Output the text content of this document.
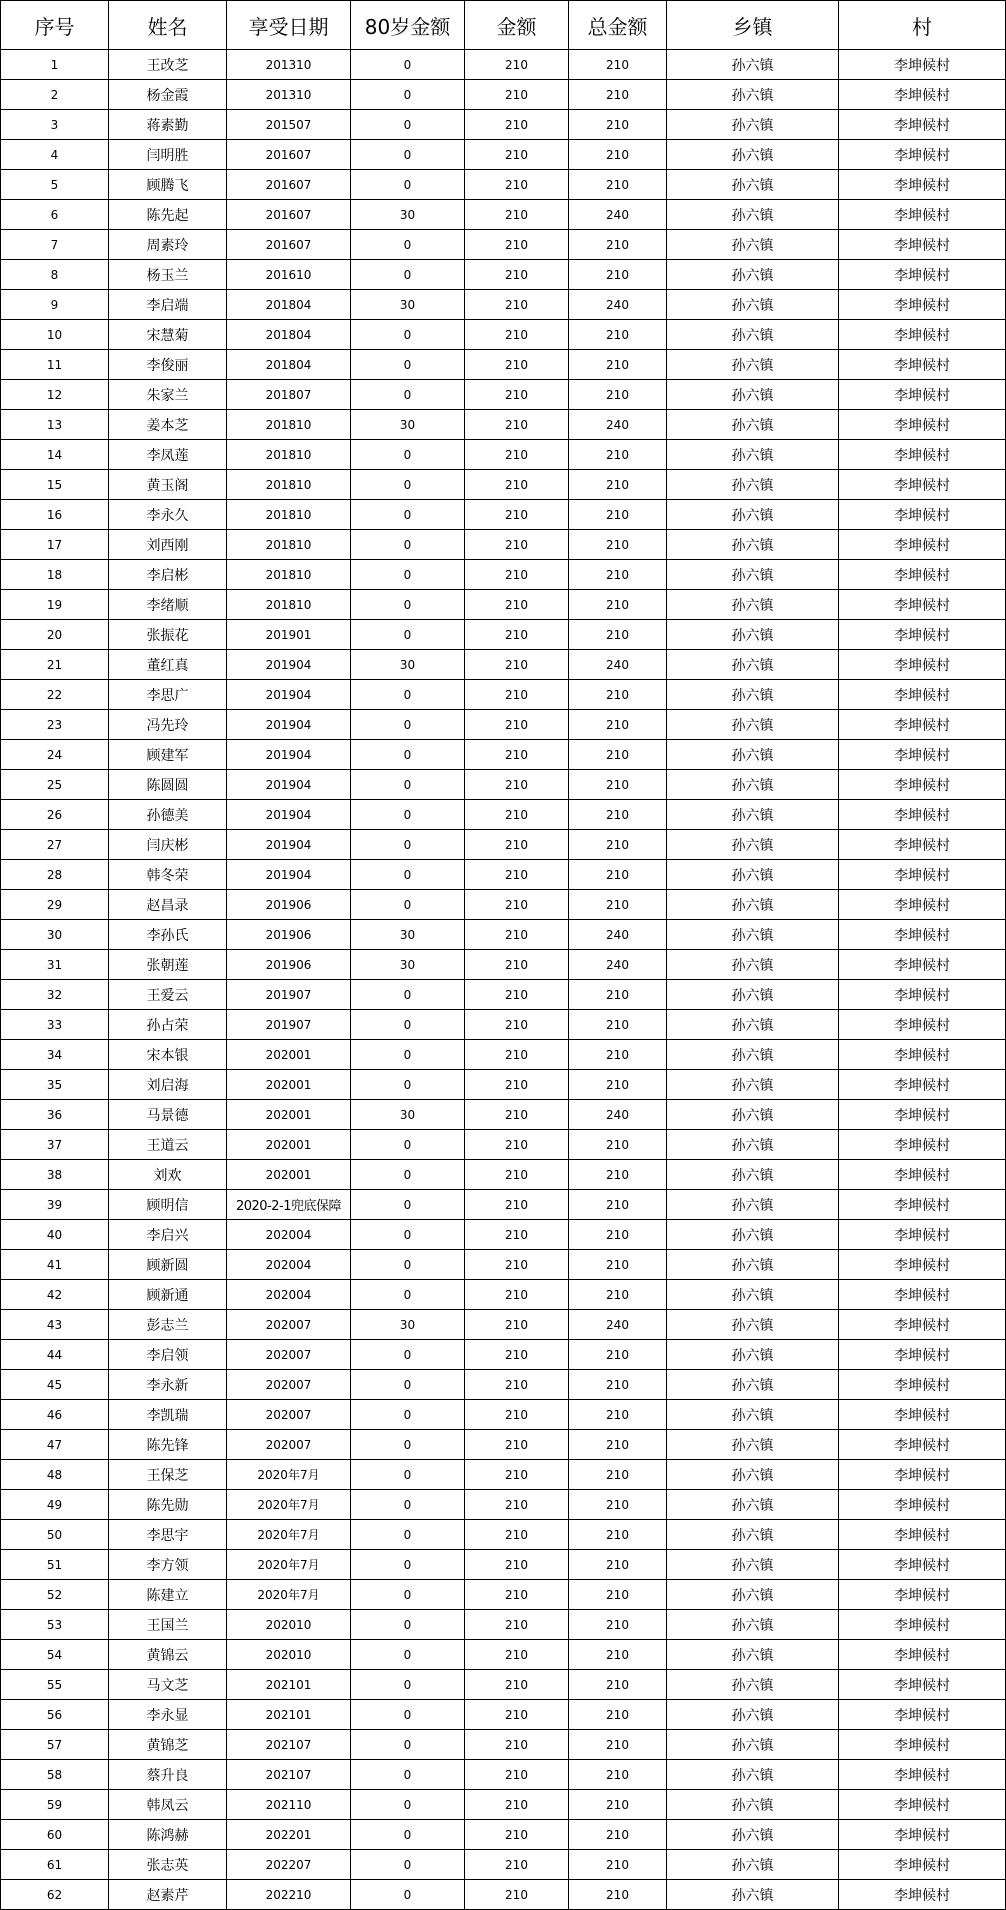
序号	姓名	享受日期	80岁金额	金额	总金额	乡镇	村
1	王改芝	201310	0	210	210	孙六镇	李坤候村
2	杨金霞	201310	0	210	210	孙六镇	李坤候村
3	蒋素勤	201507	0	210	210	孙六镇	李坤候村
4	闫明胜	201607	0	210	210	孙六镇	李坤候村
5	顾腾飞	201607	0	210	210	孙六镇	李坤候村
6	陈先起	201607	30	210	240	孙六镇	李坤候村
7	周素玲	201607	0	210	210	孙六镇	李坤候村
8	杨玉兰	201610	0	210	210	孙六镇	李坤候村
9	李启端	201804	30	210	240	孙六镇	李坤候村
10	宋慧菊	201804	0	210	210	孙六镇	李坤候村
11	李俊丽	201804	0	210	210	孙六镇	李坤候村
12	朱家兰	201807	0	210	210	孙六镇	李坤候村
13	姜本芝	201810	30	210	240	孙六镇	李坤候村
14	李凤莲	201810	0	210	210	孙六镇	李坤候村
15	黄玉阁	201810	0	210	210	孙六镇	李坤候村
16	李永久	201810	0	210	210	孙六镇	李坤候村
17	刘西刚	201810	0	210	210	孙六镇	李坤候村
18	李启彬	201810	0	210	210	孙六镇	李坤候村
19	李绪顺	201810	0	210	210	孙六镇	李坤候村
20	张振花	201901	0	210	210	孙六镇	李坤候村
21	董红真	201904	30	210	240	孙六镇	李坤候村
22	李思广	201904	0	210	210	孙六镇	李坤候村
23	冯先玲	201904	0	210	210	孙六镇	李坤候村
24	顾建军	201904	0	210	210	孙六镇	李坤候村
25	陈圆圆	201904	0	210	210	孙六镇	李坤候村
26	孙德美	201904	0	210	210	孙六镇	李坤候村
27	闫庆彬	201904	0	210	210	孙六镇	李坤候村
28	韩冬荣	201904	0	210	210	孙六镇	李坤候村
29	赵昌录	201906	0	210	210	孙六镇	李坤候村
30	李孙氏	201906	30	210	240	孙六镇	李坤候村
31	张朝莲	201906	30	210	240	孙六镇	李坤候村
32	王爱云	201907	0	210	210	孙六镇	李坤候村
33	孙占荣	201907	0	210	210	孙六镇	李坤候村
34	宋本银	202001	0	210	210	孙六镇	李坤候村
35	刘启海	202001	0	210	210	孙六镇	李坤候村
36	马景德	202001	30	210	240	孙六镇	李坤候村
37	王道云	202001	0	210	210	孙六镇	李坤候村
38	刘欢	202001	0	210	210	孙六镇	李坤候村
39	顾明信	2020-2-1兜底保障	0	210	210	孙六镇	李坤候村
40	李启兴	202004	0	210	210	孙六镇	李坤候村
41	顾新圆	202004	0	210	210	孙六镇	李坤候村
42	顾新通	202004	0	210	210	孙六镇	李坤候村
43	彭志兰	202007	30	210	240	孙六镇	李坤候村
44	李启领	202007	0	210	210	孙六镇	李坤候村
45	李永新	202007	0	210	210	孙六镇	李坤候村
46	李凯瑞	202007	0	210	210	孙六镇	李坤候村
47	陈先锋	202007	0	210	210	孙六镇	李坤候村
48	王保芝	2020年7月	0	210	210	孙六镇	李坤候村
49	陈先勋	2020年7月	0	210	210	孙六镇	李坤候村
50	李思宇	2020年7月	0	210	210	孙六镇	李坤候村
51	李方领	2020年7月	0	210	210	孙六镇	李坤候村
52	陈建立	2020年7月	0	210	210	孙六镇	李坤候村
53	王国兰	202010	0	210	210	孙六镇	李坤候村
54	黄锦云	202010	0	210	210	孙六镇	李坤候村
55	马文芝	202101	0	210	210	孙六镇	李坤候村
56	李永显	202101	0	210	210	孙六镇	李坤候村
57	黄锦芝	202107	0	210	210	孙六镇	李坤候村
58	蔡升良	202107	0	210	210	孙六镇	李坤候村
59	韩凤云	202110	0	210	210	孙六镇	李坤候村
60	陈鸿赫	202201	0	210	210	孙六镇	李坤候村
61	张志英	202207	0	210	210	孙六镇	李坤候村
62	赵素芹	202210	0	210	210	孙六镇	李坤候村
